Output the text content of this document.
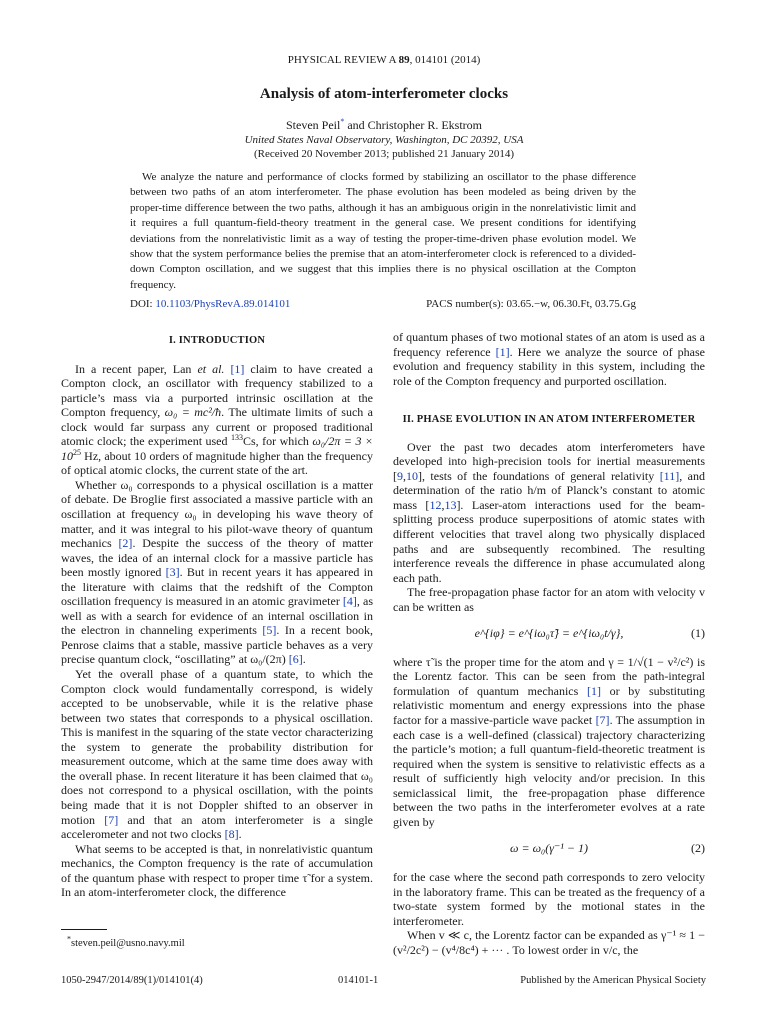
PHYSICAL REVIEW A 89, 014101 (2014)
Analysis of atom-interferometer clocks
Steven Peil* and Christopher R. Ekstrom
United States Naval Observatory, Washington, DC 20392, USA
(Received 20 November 2013; published 21 January 2014)
We analyze the nature and performance of clocks formed by stabilizing an oscillator to the phase difference between two paths of an atom interferometer. The phase evolution has been modeled as being driven by the proper-time difference between the two paths, although it has an ambiguous origin in the nonrelativistic limit and it requires a full quantum-field-theory treatment in the general case. We present conditions for identifying deviations from the nonrelativistic limit as a way of testing the proper-time-driven phase evolution model. We show that the system performance belies the premise that an atom-interferometer clock is referenced to a divided-down Compton oscillation, and we suggest that this implies there is no physical oscillation at the Compton frequency.
DOI: 10.1103/PhysRevA.89.014101	PACS number(s): 03.65.−w, 06.30.Ft, 03.75.Gg
I. INTRODUCTION

In a recent paper, Lan et al. [1] claim to have created a Compton clock, an oscillator with frequency stabilized to a particle’s mass via a purported intrinsic oscillation at the Compton frequency, ω₀ = mc²/ħ. The ultimate limits of such a clock would far surpass any current or proposed traditional atomic clock; the experiment used $^{133}$Cs, for which $\omega_0/2\pi = 3 \times 10^{25}$ Hz, about 10 orders of magnitude higher than the frequency of optical atomic clocks, the current state of the art.

Whether ω₀ corresponds to a physical oscillation is a matter of debate. De Broglie first associated a massive particle with an oscillation at frequency ω₀ in developing his wave theory of matter, and it was integral to his pilot-wave theory of quantum mechanics [2]. Despite the success of the theory of matter waves, the idea of an internal clock for a massive particle has been mostly ignored [3]. But in recent years it has appeared in the literature with claims that the redshift of the Compton oscillation frequency is measured in an atomic gravimeter [4], as well as with a search for evidence of an internal oscillation in the electron in channeling experiments [5]. In a recent book, Penrose claims that a stable, massive particle behaves as a very precise quantum clock, “oscillating” at ω₀/(2π) [6].

Yet the overall phase of a quantum state, to which the Compton clock would fundamentally correspond, is widely accepted to be unobservable, while it is the relative phase between two states that corresponds to a physical oscillation. This is manifest in the squaring of the state vector characterizing the system to generate the probability distribution for measurement outcome, which at the same time does away with the overall phase. In recent literature it has been claimed that ω₀ does not correspond to a physical oscillation, with the points being made that it is not Doppler shifted to an observer in motion [7] and that an atom interferometer is a single accelerometer and not two clocks [8].

What seems to be accepted is that, in nonrelativistic quantum mechanics, the Compton frequency is the rate of accumulation of the quantum phase with respect to proper time τ̃ for a system. In an atom-interferometer clock, the difference

of quantum phases of two motional states of an atom is used as a frequency reference [1]. Here we analyze the source of phase evolution and frequency stability in this system, including the role of the Compton frequency and purported oscillation.

II. PHASE EVOLUTION IN AN ATOM INTERFEROMETER

Over the past two decades atom interferometers have developed into high-precision tools for inertial measurements [9,10], tests of the foundations of general relativity [11], and determination of the ratio h/m of Planck’s constant to atomic mass [12,13]. Laser-atom interactions used for the beam-splitting process produce superpositions of atomic states with different velocities that travel along two physically displaced paths and are subsequently recombined. The resulting interference reveals the difference in phase accumulated along each path.

The free-propagation phase factor for an atom with velocity v can be written as

e^{iφ} = e^{iω₀τ̃} = e^{iω₀t/γ},	(1)

where τ̃ is the proper time for the atom and γ = 1/√(1 − v²/c²) is the Lorentz factor. This can be seen from the path-integral formulation of quantum mechanics [1] or by substituting relativistic momentum and energy expressions into the phase factor for a massive-particle wave packet [7]. The assumption in each case is a well-defined (classical) trajectory characterizing the particle’s motion; a full quantum-field-theoretic treatment is required when the system is sensitive to relativistic effects as a result of sufficiently high velocity and/or precision. In this semiclassical limit, the free-propagation phase difference between the two paths in the interferometer evolves at a rate given by

ω = ω₀(γ⁻¹ − 1)	(2)

for the case where the second path corresponds to zero velocity in the laboratory frame. This can be treated as the frequency of a two-state system formed by the motional states in the interferometer.

When v ≪ c, the Lorentz factor can be expanded as γ⁻¹ ≈ 1 − (v²/2c²) − (v⁴/8c⁴) + ··· . To lowest order in v/c, the

*steven.peil@usno.navy.mil
1050-2947/2014/89(1)/014101(4)	014101-1	Published by the American Physical Society
